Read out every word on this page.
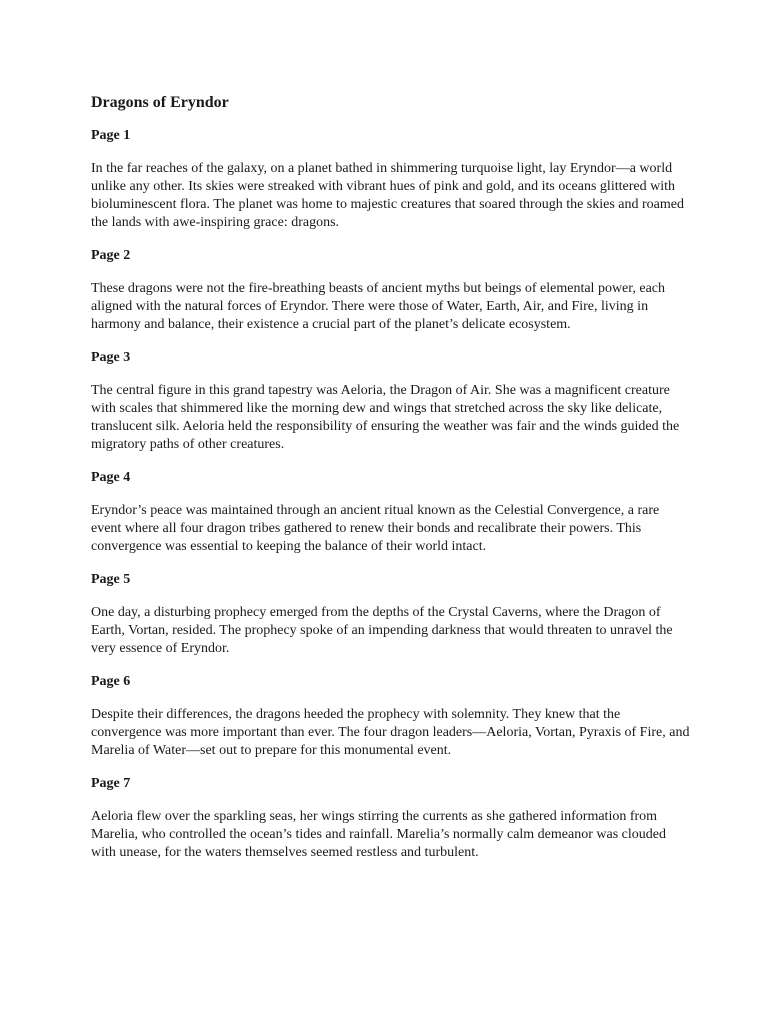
Dragons of Eryndor
Page 1

In the far reaches of the galaxy, on a planet bathed in shimmering turquoise light, lay Eryndor—a world unlike any other. Its skies were streaked with vibrant hues of pink and gold, and its oceans glittered with bioluminescent flora. The planet was home to majestic creatures that soared through the skies and roamed the lands with awe-inspiring grace: dragons.

Page 2

These dragons were not the fire-breathing beasts of ancient myths but beings of elemental power, each aligned with the natural forces of Eryndor. There were those of Water, Earth, Air, and Fire, living in harmony and balance, their existence a crucial part of the planet’s delicate ecosystem.

Page 3

The central figure in this grand tapestry was Aeloria, the Dragon of Air. She was a magnificent creature with scales that shimmered like the morning dew and wings that stretched across the sky like delicate, translucent silk. Aeloria held the responsibility of ensuring the weather was fair and the winds guided the migratory paths of other creatures.

Page 4

Eryndor’s peace was maintained through an ancient ritual known as the Celestial Convergence, a rare event where all four dragon tribes gathered to renew their bonds and recalibrate their powers. This convergence was essential to keeping the balance of their world intact.

Page 5

One day, a disturbing prophecy emerged from the depths of the Crystal Caverns, where the Dragon of Earth, Vortan, resided. The prophecy spoke of an impending darkness that would threaten to unravel the very essence of Eryndor.

Page 6

Despite their differences, the dragons heeded the prophecy with solemnity. They knew that the convergence was more important than ever. The four dragon leaders—Aeloria, Vortan, Pyraxis of Fire, and Marelia of Water—set out to prepare for this monumental event.

Page 7

Aeloria flew over the sparkling seas, her wings stirring the currents as she gathered information from Marelia, who controlled the ocean’s tides and rainfall. Marelia’s normally calm demeanor was clouded with unease, for the waters themselves seemed restless and turbulent.
